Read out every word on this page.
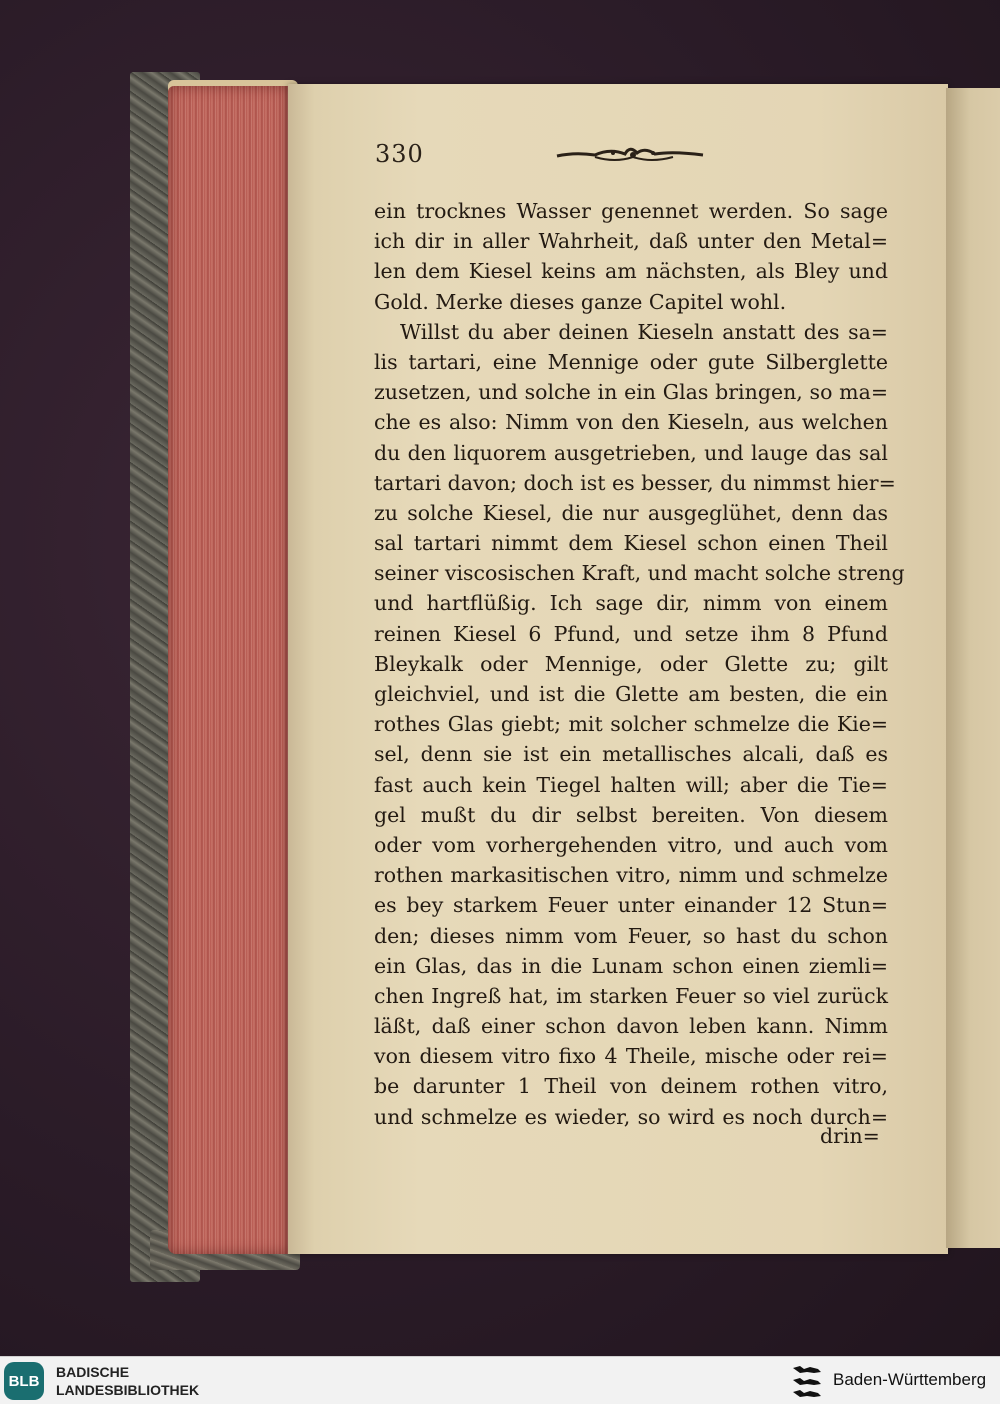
330
ein trocknes Wasser genennet werden. So sage
ich dir in aller Wahrheit, daß unter den Metal=
len dem Kiesel keins am nächsten, als Bley und
Gold. Merke dieses ganze Capitel wohl.
Willst du aber deinen Kieseln anstatt des sa=
lis tartari, eine Mennige oder gute Silberglette
zusetzen, und solche in ein Glas bringen, so ma=
che es also: Nimm von den Kieseln, aus welchen
du den liquorem ausgetrieben, und lauge das sal
tartari davon; doch ist es besser, du nimmst hier=
zu solche Kiesel, die nur ausgeglühet, denn das
sal tartari nimmt dem Kiesel schon einen Theil
seiner viscosischen Kraft, und macht solche streng
und hartflüßig. Ich sage dir, nimm von einem
reinen Kiesel 6 Pfund, und setze ihm 8 Pfund
Bleykalk oder Mennige, oder Glette zu; gilt
gleichviel, und ist die Glette am besten, die ein
rothes Glas giebt; mit solcher schmelze die Kie=
sel, denn sie ist ein metallisches alcali, daß es
fast auch kein Tiegel halten will; aber die Tie=
gel mußt du dir selbst bereiten. Von diesem
oder vom vorhergehenden vitro, und auch vom
rothen markasitischen vitro, nimm und schmelze
es bey starkem Feuer unter einander 12 Stun=
den; dieses nimm vom Feuer, so hast du schon
ein Glas, das in die Lunam schon einen ziemli=
chen Ingreß hat, im starken Feuer so viel zurück
läßt, daß einer schon davon leben kann. Nimm
von diesem vitro fixo 4 Theile, mische oder rei=
be darunter 1 Theil von deinem rothen vitro,
und schmelze es wieder, so wird es noch durch=
drin=
BLB
BADISCHE
LANDESBIBLIOTHEK
Baden-Württemberg
